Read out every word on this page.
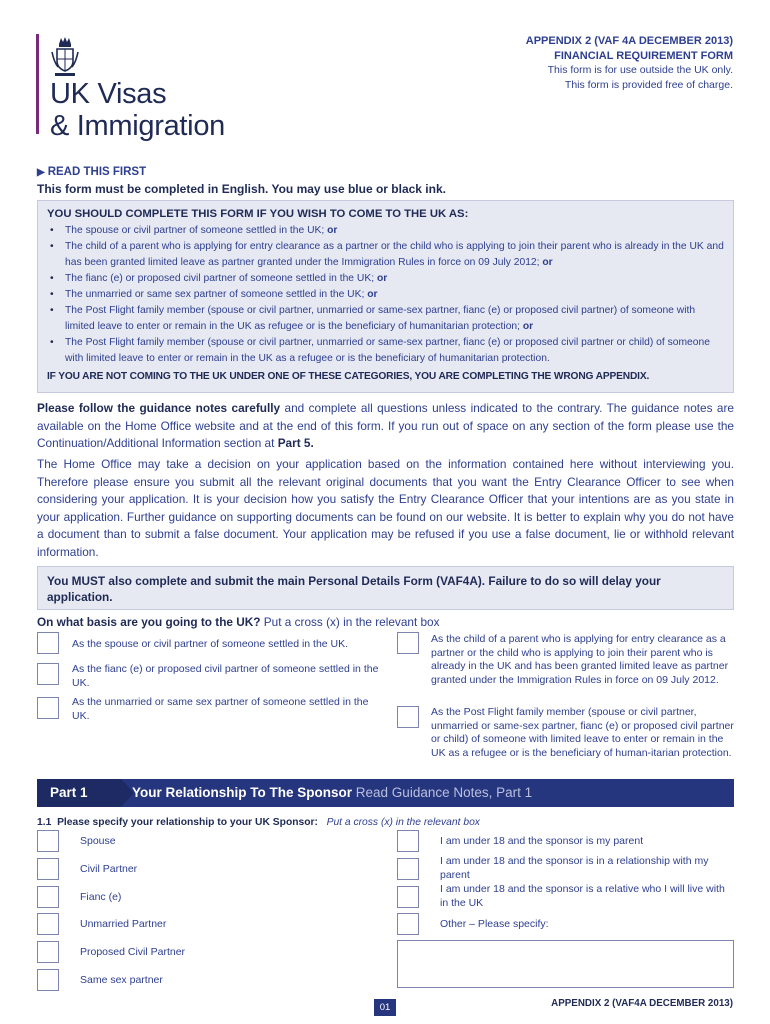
UK Visas
& Immigration
APPENDIX 2 (VAF 4A DECEMBER 2013)
FINANCIAL REQUIREMENT FORM
This form is for use outside the UK only.
This form is provided free of charge.
▶ READ THIS FIRST
This form must be completed in English. You may use blue or black ink.
YOU SHOULD COMPLETE THIS FORM IF YOU WISH TO COME TO THE UK AS:
• The spouse or civil partner of someone settled in the UK; or
• The child of a parent who is applying for entry clearance as a partner or the child who is applying to join their parent who is already in the UK and has been granted limited leave as partner granted under the Immigration Rules in force on 09 July 2012; or
• The fianc (e) or proposed civil partner of someone settled in the UK; or
• The unmarried or same sex partner of someone settled in the UK; or
• The Post Flight family member (spouse or civil partner, unmarried or same-sex partner, fianc (e) or proposed civil partner) of someone with limited leave to enter or remain in the UK as refugee or is the beneficiary of humanitarian protection; or
• The Post Flight family member (spouse or civil partner, unmarried or same-sex partner, fianc (e) or proposed civil partner or child) of someone with limited leave to enter or remain in the UK as a refugee or is the beneficiary of humanitarian protection.
IF YOU ARE NOT COMING TO THE UK UNDER ONE OF THESE CATEGORIES, YOU ARE COMPLETING THE WRONG APPENDIX.
Please follow the guidance notes carefully and complete all questions unless indicated to the contrary. The guidance notes are available on the Home Office website and at the end of this form. If you run out of space on any section of the form please use the Continuation/Additional Information section at Part 5.
The Home Office may take a decision on your application based on the information contained here without interviewing you. Therefore please ensure you submit all the relevant original documents that you want the Entry Clearance Officer to see when considering your application. It is your decision how you satisfy the Entry Clearance Officer that your intentions are as you state in your application. Further guidance on supporting documents can be found on our website. It is better to explain why you do not have a document than to submit a false document. Your application may be refused if you use a false document, lie or withhold relevant information.
You MUST also complete and submit the main Personal Details Form (VAF4A). Failure to do so will delay your application.
On what basis are you going to the UK? Put a cross (x) in the relevant box
As the spouse or civil partner of someone settled in the UK.
As the fianc (e) or proposed civil partner of someone settled in the UK.
As the unmarried or same sex partner of someone settled in the UK.
As the child of a parent who is applying for entry clearance as a partner or the child who is applying to join their parent who is already in the UK and has been granted limited leave as partner granted under the Immigration Rules in force on 09 July 2012.
As the Post Flight family member (spouse or civil partner, unmarried or same-sex partner, fianc (e) or proposed civil partner or child) of someone with limited leave to enter or remain in the UK as a refugee or is the beneficiary of human-itarian protection.
Part 1	Your Relationship To The Sponsor Read Guidance Notes, Part 1
1.1 Please specify your relationship to your UK Sponsor: Put a cross (x) in the relevant box
Spouse
Civil Partner
Fianc (e)
Unmarried Partner
Proposed Civil Partner
Same sex partner
I am under 18 and the sponsor is my parent
I am under 18 and the sponsor is in a relationship with my parent
I am under 18 and the sponsor is a relative who I will live with in the UK
Other – Please specify:
01	APPENDIX 2 (VAF4A DECEMBER 2013)
